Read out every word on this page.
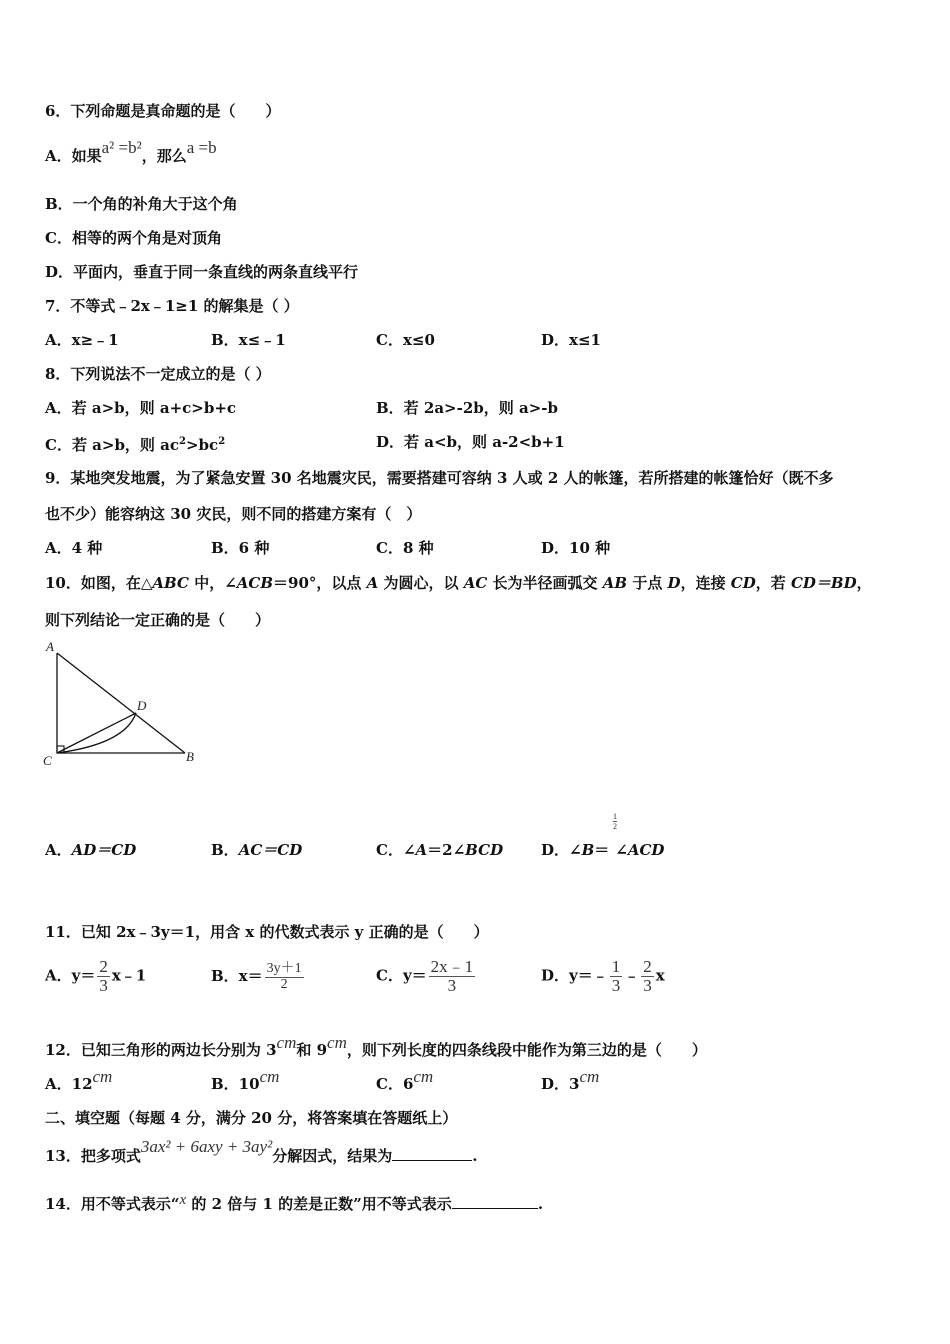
6．下列命题是真命题的是（　　）
A．如果a² =b²，那么a =b
B．一个角的补角大于这个角
C．相等的两个角是对顶角
D．平面内，垂直于同一条直线的两条直线平行
7．不等式﹣2x﹣1≥1 的解集是（ ）
A．x≥﹣1	B．x≤﹣1	C．x≤0	D．x≤1
8．下列说法不一定成立的是（ ）
A．若 a>b，则 a+c>b+c	B．若 2a>-2b，则 a>-b
C．若 a>b，则 $ac^2>bc^2$	D．若 a<b，则 a-2<b+1
9．某地突发地震，为了紧急安置 30 名地震灾民，需要搭建可容纳 3 人或 2 人的帐篷，若所搭建的帐篷恰好（既不多
也不少）能容纳这 30 灾民，则不同的搭建方案有（　）
A．4 种	B．6 种	C．8 种	D．10 种
10．如图，在△ABC 中，∠ACB＝90°，以点 A 为圆心，以 AC 长为半径画弧交 AB 于点 D，连接 CD，若 CD＝BD，
则下列结论一定正确的是（　　）
A
C
D
B
A．AD＝CD	B．AC＝CD	C．∠A＝2∠BCD
$\frac{1}{2}$
D．∠B＝ ∠ACD
11．已知 2x﹣3y＝1，用含 x 的代数式表示 y 正确的是（　　）
A．$y= \frac{2}{3}$ x﹣1	B．$x= \frac{3y+1}{2}$	C．$y= \frac{2x﹣1}{3}$	D．y＝﹣ $\frac{1}{3}$ ﹣ $\frac{2}{3}$ x
12．已知三角形的两边长分别为 3cm和 9cm，则下列长度的四条线段中能作为第三边的是（　　）
A．12cm	B．10cm	C．6cm	D．3cm
二、填空题（每题 4 分，满分 20 分，将答案填在答题纸上）
13．把多项式3ax² + 6axy + 3ay²分解因式，结果为	.
14．用不等式表示“x 的 2 倍与 1 的差是正数”用不等式表示	.
